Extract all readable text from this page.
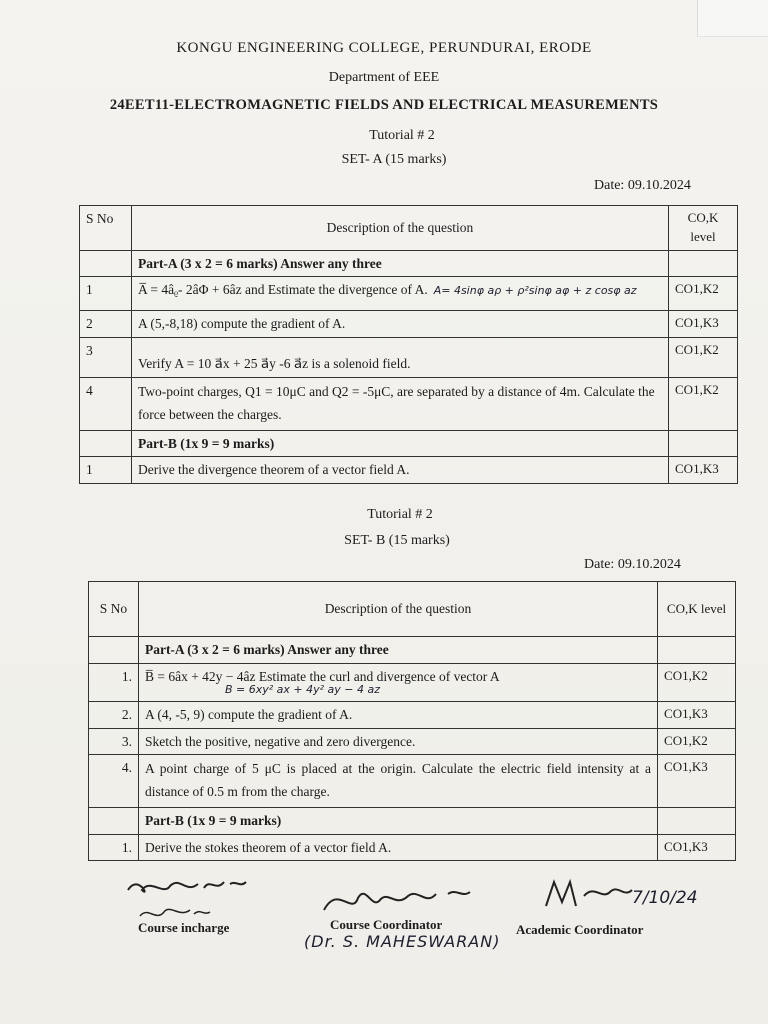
KONGU ENGINEERING COLLEGE, PERUNDURAI, ERODE
Department of EEE
24EET11-ELECTROMAGNETIC FIELDS AND ELECTRICAL MEASUREMENTS
Tutorial # 2
SET- A (15 marks)
Date: 09.10.2024
S No	Description of the question	CO,K level
	Part-A (3 x 2 = 6 marks) Answer any three	
1	A̅ = 4âᵨ- 2âΦ + 6âz and Estimate the divergence of A. A= 4sinφ aρ + ρ²sinφ aφ + z cosφ az	CO1,K2
2	A (5,-8,18) compute the gradient of A.	CO1,K3
3	Verify A = 10 a⃗x + 25 a⃗y -6 a⃗z is a solenoid field.	CO1,K2
4	Two-point charges, Q1 = 10μC and Q2 = -5μC, are separated by a distance of 4m. Calculate the force between the charges.	CO1,K2
	Part-B (1x 9 = 9 marks)	
1	Derive the divergence theorem of a vector field A.	CO1,K3
Tutorial # 2
SET- B (15 marks)
Date: 09.10.2024
S No	Description of the question	CO,K level
	Part-A (3 x 2 = 6 marks) Answer any three	
1.	B̅ = 6âx + 42y − 4âz Estimate the curl and divergence of vector A
B = 6xy² ax + 4y² ay − 4 az	CO1,K2
2.	A (4, -5, 9) compute the gradient of A.	CO1,K3
3.	Sketch the positive, negative and zero divergence.	CO1,K2
4.	A point charge of 5 μC is placed at the origin. Calculate the electric field intensity at a distance of 0.5 m from the charge.	CO1,K3
	Part-B (1x 9 = 9 marks)	
1.	Derive the stokes theorem of a vector field A.	CO1,K3
7/10/24
Course incharge	Course Coordinator
(Dr. S. MAHESWARAN)
Academic Coordinator
